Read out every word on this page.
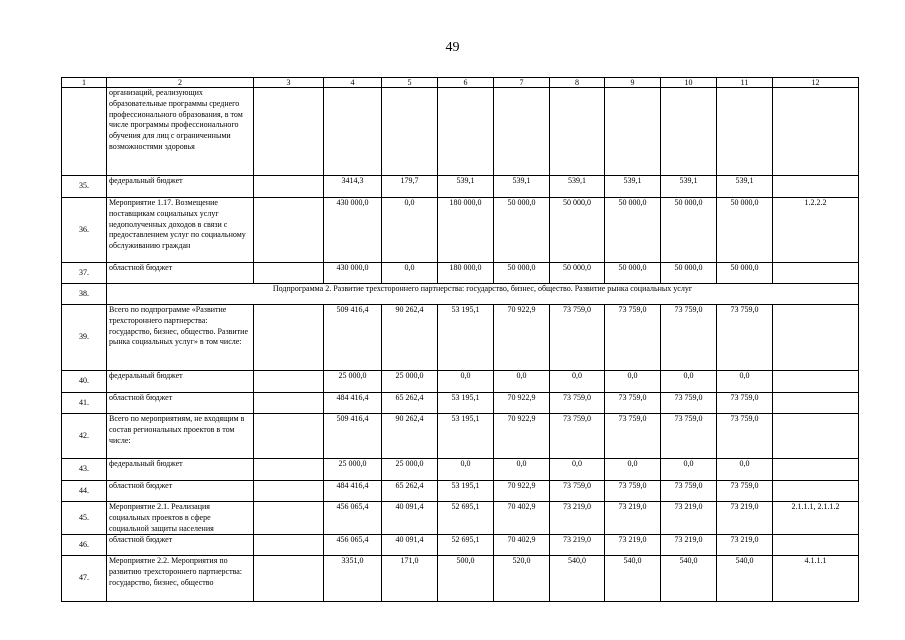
49
1	2	3	4	5	6	7	8	9	10	11	12
	организаций, реализующих образовательные программы среднего профессионального образования, в том числе программы профессионального обучения для лиц с ограниченными возможностями здоровья										
35.	федеральный бюджет		3414,3	179,7	539,1	539,1	539,1	539,1	539,1	539,1	
36.	Мероприятие 1.17. Возмещение поставщикам социальных услуг недополученных доходов в связи с предоставлением услуг по социальному обслуживанию граждан		430 000,0	0,0	180 000,0	50 000,0	50 000,0	50 000,0	50 000,0	50 000,0	1.2.2.2
37.	областной бюджет		430 000,0	0,0	180 000,0	50 000,0	50 000,0	50 000,0	50 000,0	50 000,0	
38.	Подпрограмма 2. Развитие трехстороннего партнерства: государство, бизнес, общество. Развитие рынка социальных услуг										
39.	Всего по подпрограмме «Развитие трехстороннего партнерства: государство, бизнес, общество. Развитие рынка социальных услуг» в том числе:		509 416,4	90 262,4	53 195,1	70 922,9	73 759,0	73 759,0	73 759,0	73 759,0	
40.	федеральный бюджет		25 000,0	25 000,0	0,0	0,0	0,0	0,0	0,0	0,0	
41.	областной бюджет		484 416,4	65 262,4	53 195,1	70 922,9	73 759,0	73 759,0	73 759,0	73 759,0	
42.	Всего по мероприятиям, не входящим в состав региональных проектов в том числе:		509 416,4	90 262,4	53 195,1	70 922,9	73 759,0	73 759,0	73 759,0	73 759,0	
43.	федеральный бюджет		25 000,0	25 000,0	0,0	0,0	0,0	0,0	0,0	0,0	
44.	областной бюджет		484 416,4	65 262,4	53 195,1	70 922,9	73 759,0	73 759,0	73 759,0	73 759,0	
45.	Мероприятие 2.1. Реализация социальных проектов в сфере социальной защиты населения		456 065,4	40 091,4	52 695,1	70 402,9	73 219,0	73 219,0	73 219,0	73 219,0	2.1.1.1, 2.1.1.2
46.	областной бюджет		456 065,4	40 091,4	52 695,1	70 402,9	73 219,0	73 219,0	73 219,0	73 219,0	
47.	Мероприятие 2.2. Мероприятия по развитию трехстороннего партнерства: государство, бизнес, общество		3351,0	171,0	500,0	520,0	540,0	540,0	540,0	540,0	4.1.1.1
